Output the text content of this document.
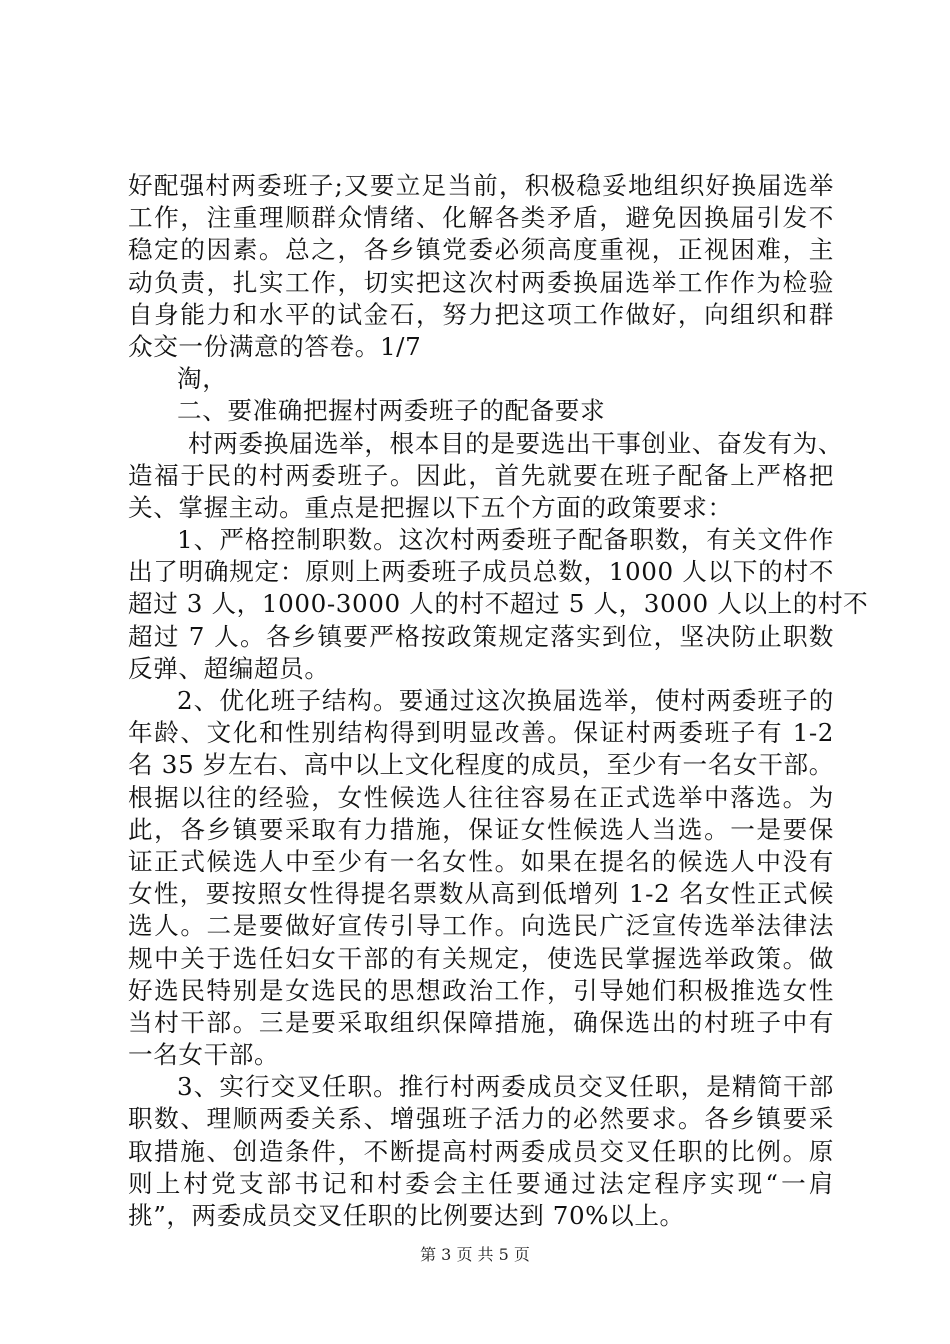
好配强村两委班子;又要立足当前，积极稳妥地组织好换届选举
工作，注重理顺群众情绪、化解各类矛盾，避免因换届引发不
稳定的因素。总之，各乡镇党委必须高度重视，正视困难，主
动负责，扎实工作，切实把这次村两委换届选举工作作为检验
自身能力和水平的试金石，努力把这项工作做好，向组织和群
众交一份满意的答卷。1/7
淘，
二、要准确把握村两委班子的配备要求
村两委换届选举，根本目的是要选出干事创业、奋发有为、
造福于民的村两委班子。因此，首先就要在班子配备上严格把
关、掌握主动。重点是把握以下五个方面的政策要求：
1、严格控制职数。这次村两委班子配备职数，有关文件作
出了明确规定：原则上两委班子成员总数，1000 人以下的村不
超过 3 人，1000-3000 人的村不超过 5 人，3000 人以上的村不
超过 7 人。各乡镇要严格按政策规定落实到位，坚决防止职数
反弹、超编超员。
2、优化班子结构。要通过这次换届选举，使村两委班子的
年龄、文化和性别结构得到明显改善。保证村两委班子有 1-2
名 35 岁左右、高中以上文化程度的成员，至少有一名女干部。
根据以往的经验，女性候选人往往容易在正式选举中落选。为
此，各乡镇要采取有力措施，保证女性候选人当选。一是要保
证正式候选人中至少有一名女性。如果在提名的候选人中没有
女性，要按照女性得提名票数从高到低增列 1-2 名女性正式候
选人。二是要做好宣传引导工作。向选民广泛宣传选举法律法
规中关于选任妇女干部的有关规定，使选民掌握选举政策。做
好选民特别是女选民的思想政治工作，引导她们积极推选女性
当村干部。三是要采取组织保障措施，确保选出的村班子中有
一名女干部。
3、实行交叉任职。推行村两委成员交叉任职，是精简干部
职数、理顺两委关系、增强班子活力的必然要求。各乡镇要采
取措施、创造条件，不断提高村两委成员交叉任职的比例。原
则上村党支部书记和村委会主任要通过法定程序实现“一肩
挑”，两委成员交叉任职的比例要达到 70%以上。
第 3 页 共 5 页
